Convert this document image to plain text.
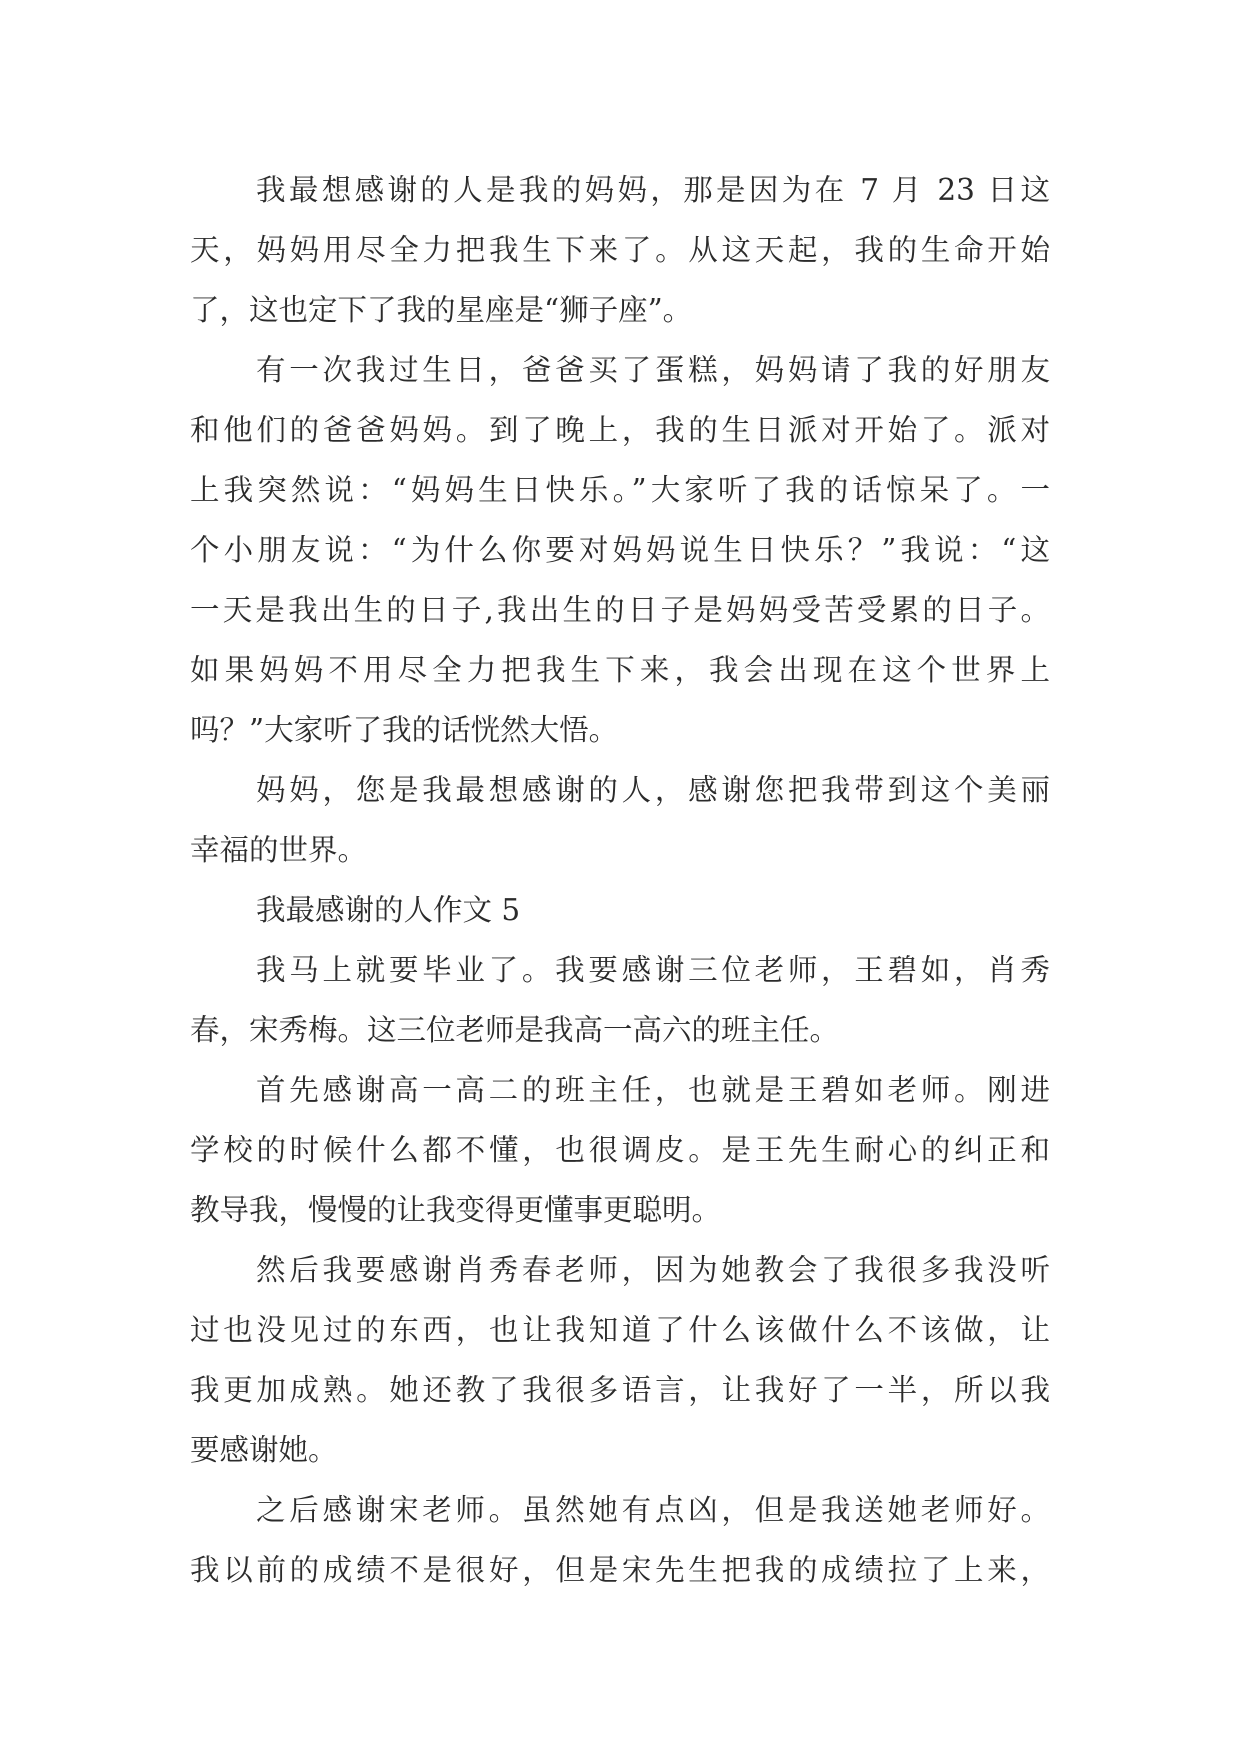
我最想感谢的人是我的妈妈，那是因为在 7 月 23 日这
天，妈妈用尽全力把我生下来了。从这天起，我的生命开始
了，这也定下了我的星座是“狮子座”。
有一次我过生日，爸爸买了蛋糕，妈妈请了我的好朋友
和他们的爸爸妈妈。到了晚上，我的生日派对开始了。派对
上我突然说：“妈妈生日快乐。”大家听了我的话惊呆了。一
个小朋友说：“为什么你要对妈妈说生日快乐？”我说：“这
一天是我出生的日子,我出生的日子是妈妈受苦受累的日子。
如果妈妈不用尽全力把我生下来，我会出现在这个世界上
吗？”大家听了我的话恍然大悟。
妈妈，您是我最想感谢的人，感谢您把我带到这个美丽
幸福的世界。
我最感谢的人作文 5
我马上就要毕业了。我要感谢三位老师，王碧如，肖秀
春，宋秀梅。这三位老师是我高一高六的班主任。
首先感谢高一高二的班主任，也就是王碧如老师。刚进
学校的时候什么都不懂，也很调皮。是王先生耐心的纠正和
教导我，慢慢的让我变得更懂事更聪明。
然后我要感谢肖秀春老师，因为她教会了我很多我没听
过也没见过的东西，也让我知道了什么该做什么不该做，让
我更加成熟。她还教了我很多语言，让我好了一半，所以我
要感谢她。
之后感谢宋老师。虽然她有点凶，但是我送她老师好。
我以前的成绩不是很好，但是宋先生把我的成绩拉了上来，
